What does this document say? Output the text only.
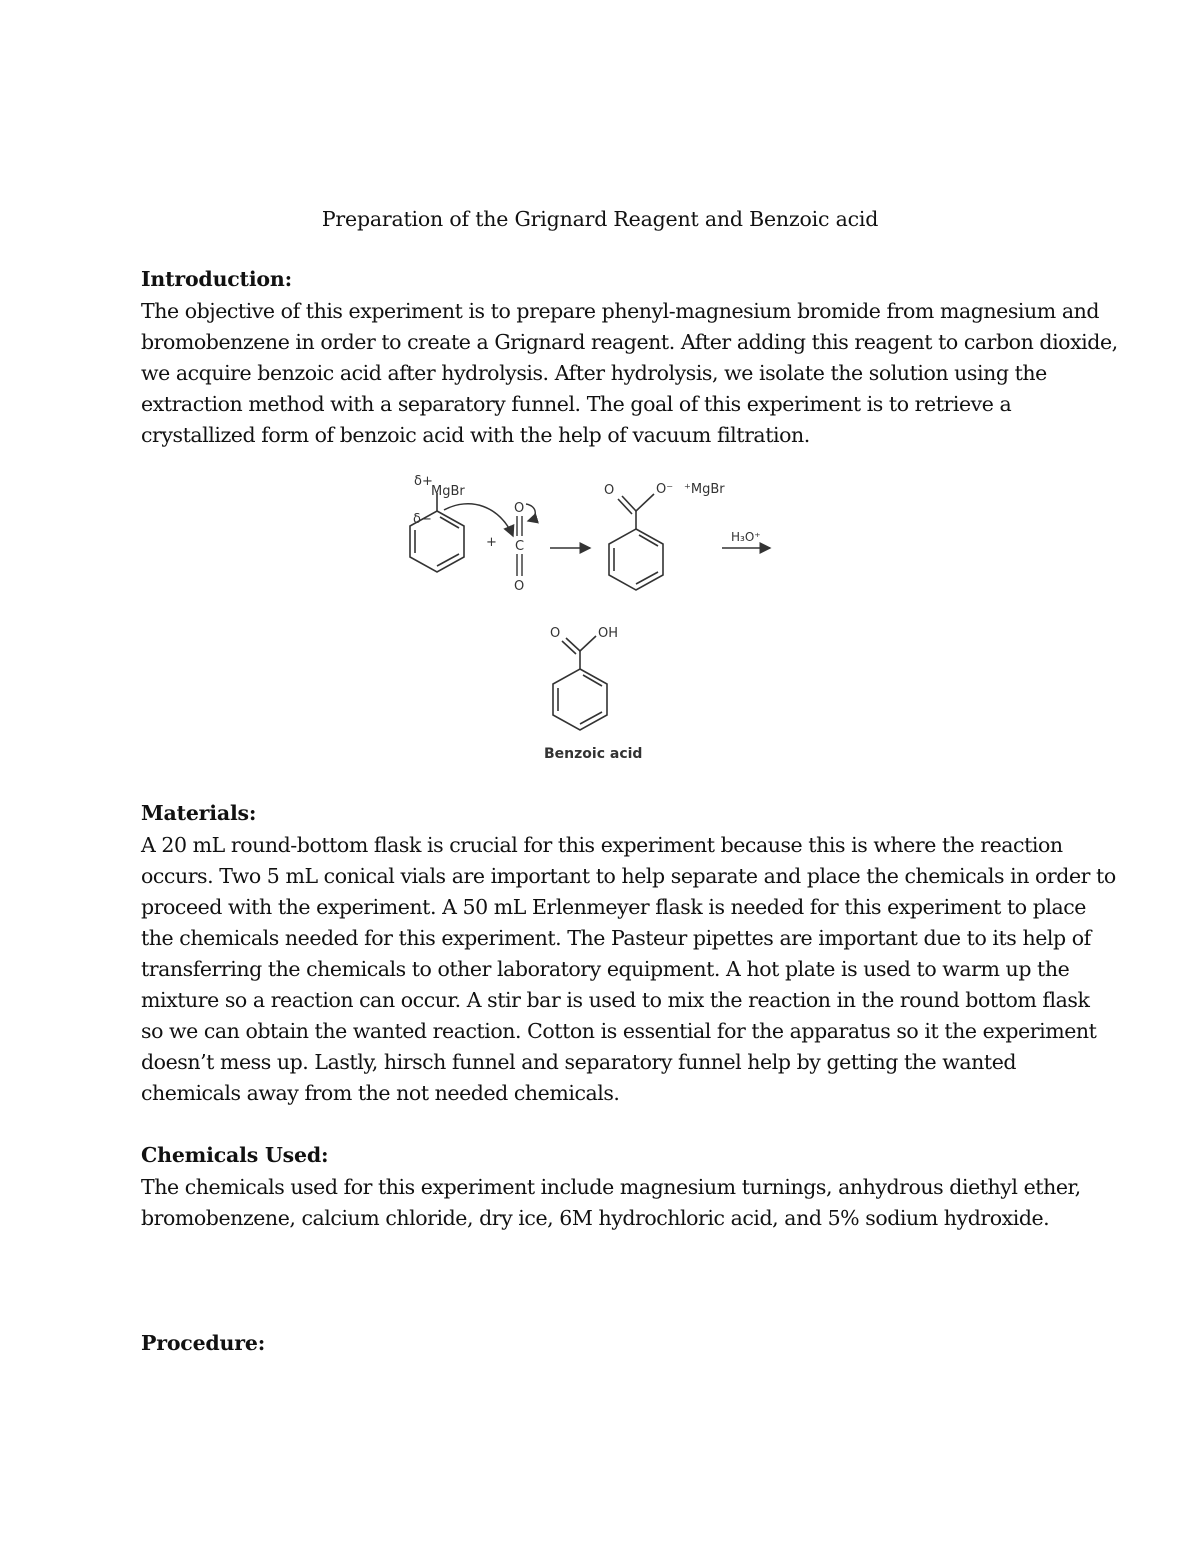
Preparation of the Grignard Reagent and Benzoic acid
Introduction:
The objective of this experiment is to prepare phenyl-magnesium bromide from magnesium and
bromobenzene in order to create a Grignard reagent. After adding this reagent to carbon dioxide,
we acquire benzoic acid after hydrolysis. After hydrolysis, we isolate the solution using the
extraction method with a separatory funnel. The goal of this experiment is to retrieve a
crystallized form of benzoic acid with the help of vacuum filtration.
δ+
MgBr
δ−
+
O
C
O
O	O⁻ ⁺MgBr
H₃O⁺
O	OH
Benzoic acid
Materials:
A 20 mL round-bottom flask is crucial for this experiment because this is where the reaction
occurs. Two 5 mL conical vials are important to help separate and place the chemicals in order to
proceed with the experiment. A 50 mL Erlenmeyer flask is needed for this experiment to place
the chemicals needed for this experiment. The Pasteur pipettes are important due to its help of
transferring the chemicals to other laboratory equipment. A hot plate is used to warm up the
mixture so a reaction can occur. A stir bar is used to mix the reaction in the round bottom flask
so we can obtain the wanted reaction. Cotton is essential for the apparatus so it the experiment
doesn’t mess up. Lastly, hirsch funnel and separatory funnel help by getting the wanted
chemicals away from the not needed chemicals.
Chemicals Used:
The chemicals used for this experiment include magnesium turnings, anhydrous diethyl ether,
bromobenzene, calcium chloride, dry ice, 6M hydrochloric acid, and 5% sodium hydroxide.
Procedure:
